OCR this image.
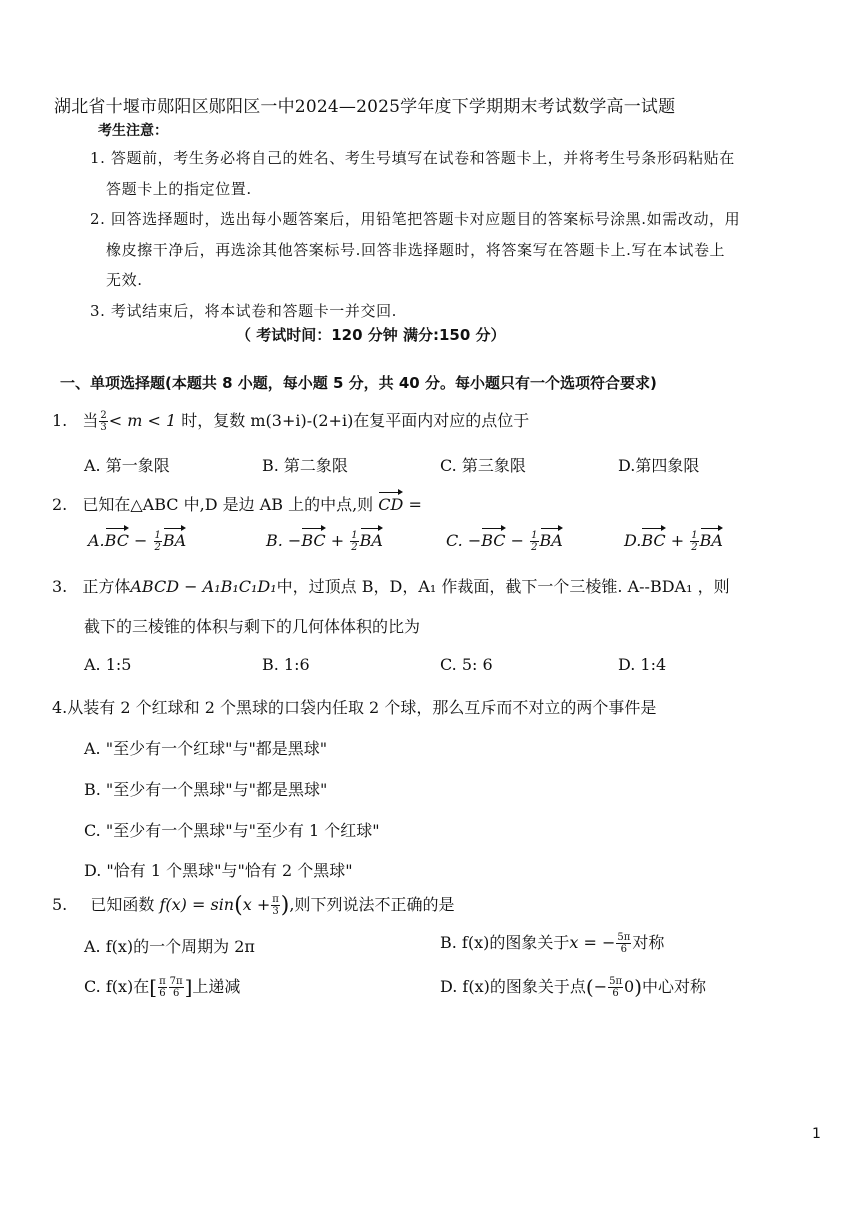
湖北省十堰市郧阳区郧阳区一中2024—2025学年度下学期期末考试数学高一试题
考生注意：
1. 答题前，考生务必将自己的姓名、考生号填写在试卷和答题卡上，并将考生号条形码粘贴在
答题卡上的指定位置.
2. 回答选择题时，选出每小题答案后，用铅笔把答题卡对应题目的答案标号涂黑.如需改动，用
橡皮擦干净后，再选涂其他答案标号.回答非选择题时，将答案写在答题卡上.写在本试卷上
无效.
3. 考试结束后，将本试卷和答题卡一并交回.
（ 考试时间：120 分钟 满分:150 分）
一、单项选择题(本题共 8 小题，每小题 5 分，共 40 分。每小题只有一个选项符合要求)
1. 当 $\frac{2}{3} < m < 1$ 时，复数 m(3+i)-(2+i)在复平面内对应的点位于
A. 第一象限	B. 第二象限	C. 第三象限	D.第四象限
2. 已知在△ABC 中,D 是边 AB 上的中点,则 CD =
$A.BC - \frac{1}{2}$ BA	B. $-BC + \frac{1}{2}$ BA	C. $-BC - \frac{1}{2}$ BA	$D.BC + \frac{1}{2}$ BA
3. 正方体ABCD − A₁B₁C₁D₁中，过顶点 B，D，A₁ 作裁面，截下一个三棱锥. A--BDA₁ ，则
截下的三棱锥的体积与剩下的几何体体积的比为
A. 1:5	B. 1:6	C. 5: 6	D. 1:4
4.从装有 2 个红球和 2 个黑球的口袋内任取 2 个球，那么互斥而不对立的两个事件是
A. "至少有一个红球"与"都是黑球"
B. "至少有一个黑球"与"都是黑球"
C. "至少有一个黑球"与"至少有 1 个红球"
D. "恰有 1 个黑球"与"恰有 2 个黑球"
5. 已知函数 $f(x) = \sin(x + \frac{\pi}{3}$ ),则下列说法不正确的是
A. f(x)的一个周期为 2π	B. f(x)的图象关于x = − $\frac{5\pi}{6}$ 对称
C. f(x)在[ $\frac{\pi}{6} \frac{7\pi}{6}$ ]上递减	D. f(x)的图象关于点(− $\frac{5\pi}{6} 0$)中心对称
1
